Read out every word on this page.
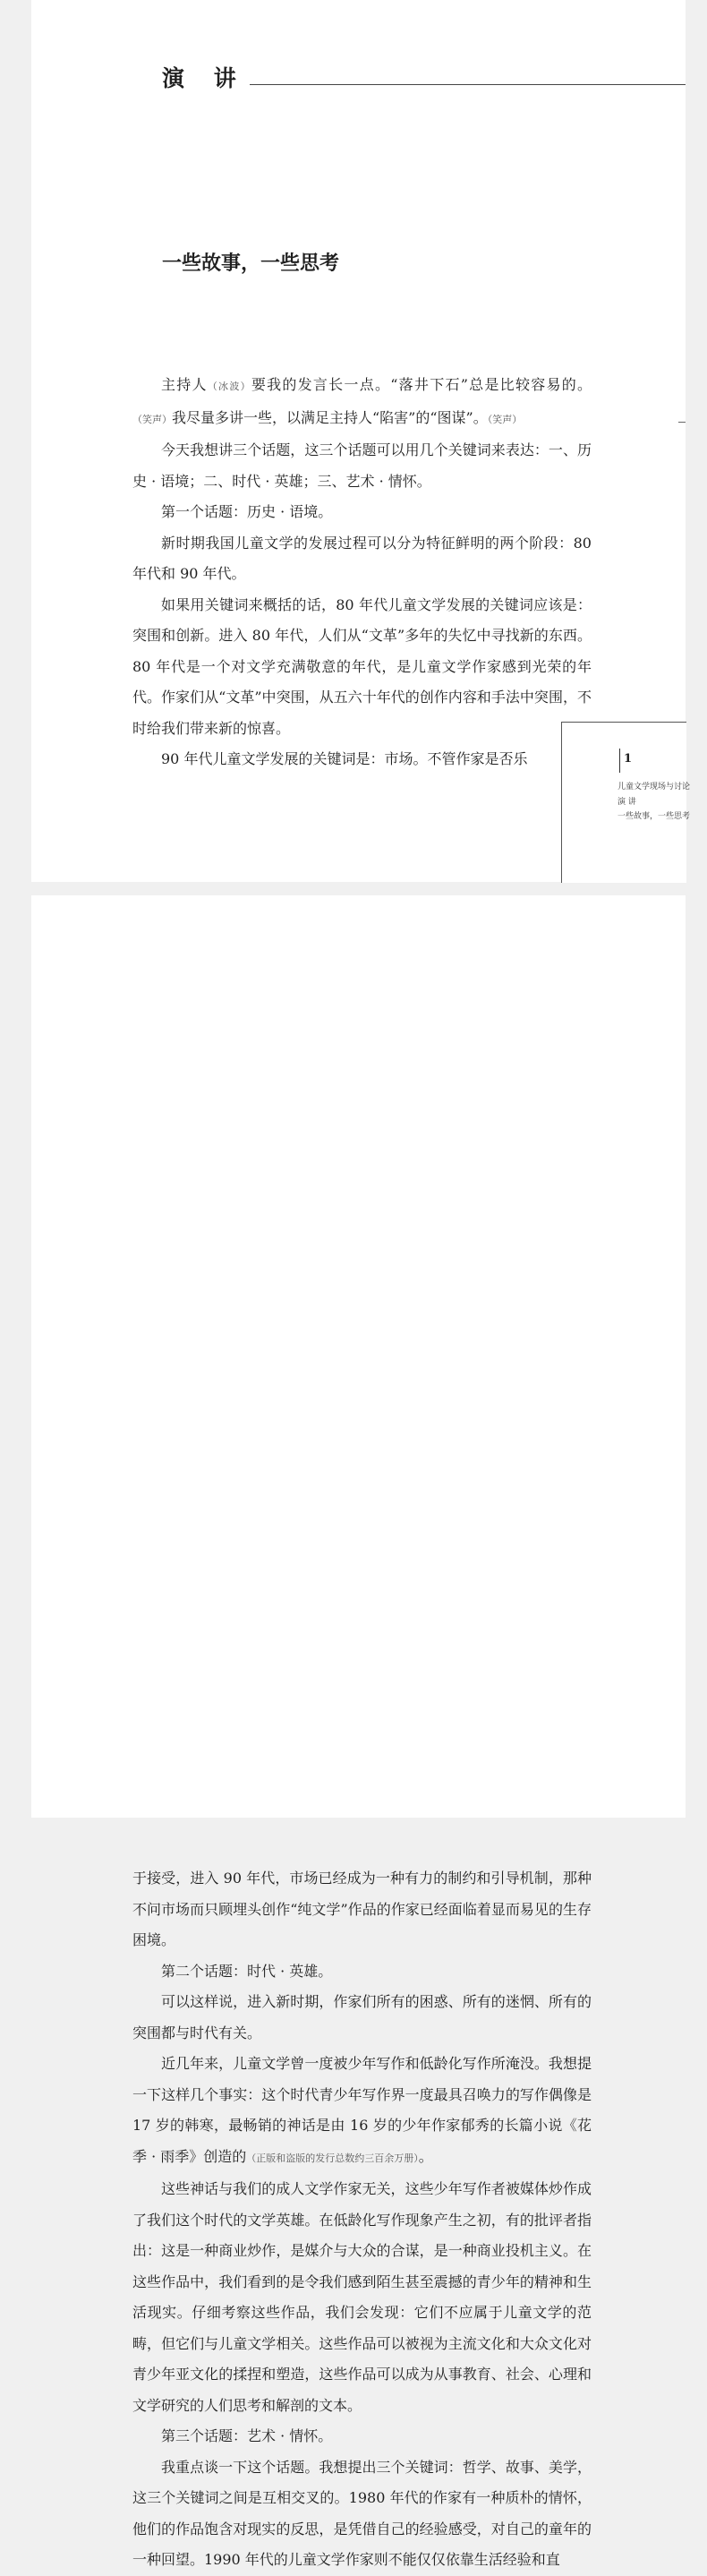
演 讲
一些故事，一些思考

主持人（冰波）要我的发言长一点。“落井下石”总是比较容易的。（笑声）我尽量多讲一些，以满足主持人“陷害”的“图谋”。（笑声）

今天我想讲三个话题，这三个话题可以用几个关键词来表达：一、历史 · 语境；二、时代 · 英雄；三、艺术 · 情怀。

第一个话题：历史 · 语境。

新时期我国儿童文学的发展过程可以分为特征鲜明的两个阶段：80 年代和 90 年代。

如果用关键词来概括的话，80 年代儿童文学发展的关键词应该是：突围和创新。进入 80 年代，人们从“文革”多年的失忆中寻找新的东西。80 年代是一个对文学充满敬意的年代，是儿童文学作家感到光荣的年代。作家们从“文革”中突围，从五六十年代的创作内容和手法中突围，不时给我们带来新的惊喜。

90 年代儿童文学发展的关键词是：市场。不管作家是否乐	1
儿童文学现场与讨论
演 讲
一些故事，一些思考

于接受，进入 90 年代，市场已经成为一种有力的制约和引导机制，那种不问市场而只顾埋头创作“纯文学”作品的作家已经面临着显而易见的生存困境。

第二个话题：时代 · 英雄。

可以这样说，进入新时期，作家们所有的困惑、所有的迷惘、所有的突围都与时代有关。

近几年来，儿童文学曾一度被少年写作和低龄化写作所淹没。我想提一下这样几个事实：这个时代青少年写作界一度最具召唤力的写作偶像是 17 岁的韩寒，最畅销的神话是由 16 岁的少年作家郁秀的长篇小说《花季 · 雨季》创造的（正版和盗版的发行总数约三百余万册）。

这些神话与我们的成人文学作家无关，这些少年写作者被媒体炒作成了我们这个时代的文学英雄。在低龄化写作现象产生之初，有的批评者指出：这是一种商业炒作，是媒介与大众的合谋，是一种商业投机主义。在这些作品中，我们看到的是令我们感到陌生甚至震撼的青少年的精神和生活现实。仔细考察这些作品，我们会发现：它们不应属于儿童文学的范畴，但它们与儿童文学相关。这些作品可以被视为主流文化和大众文化对青少年亚文化的揉捏和塑造，这些作品可以成为从事教育、社会、心理和文学研究的人们思考和解剖的文本。

第三个话题：艺术 · 情怀。

我重点谈一下这个话题。我想提出三个关键词：哲学、故事、美学，这三个关键词之间是互相交叉的。1980 年代的作家有一种质朴的情怀，他们的作品饱含对现实的反思，是凭借自己的经验感受，对自己的童年的一种回望。1990 年代的儿童文学作家则不能仅仅依靠生活经验和直
